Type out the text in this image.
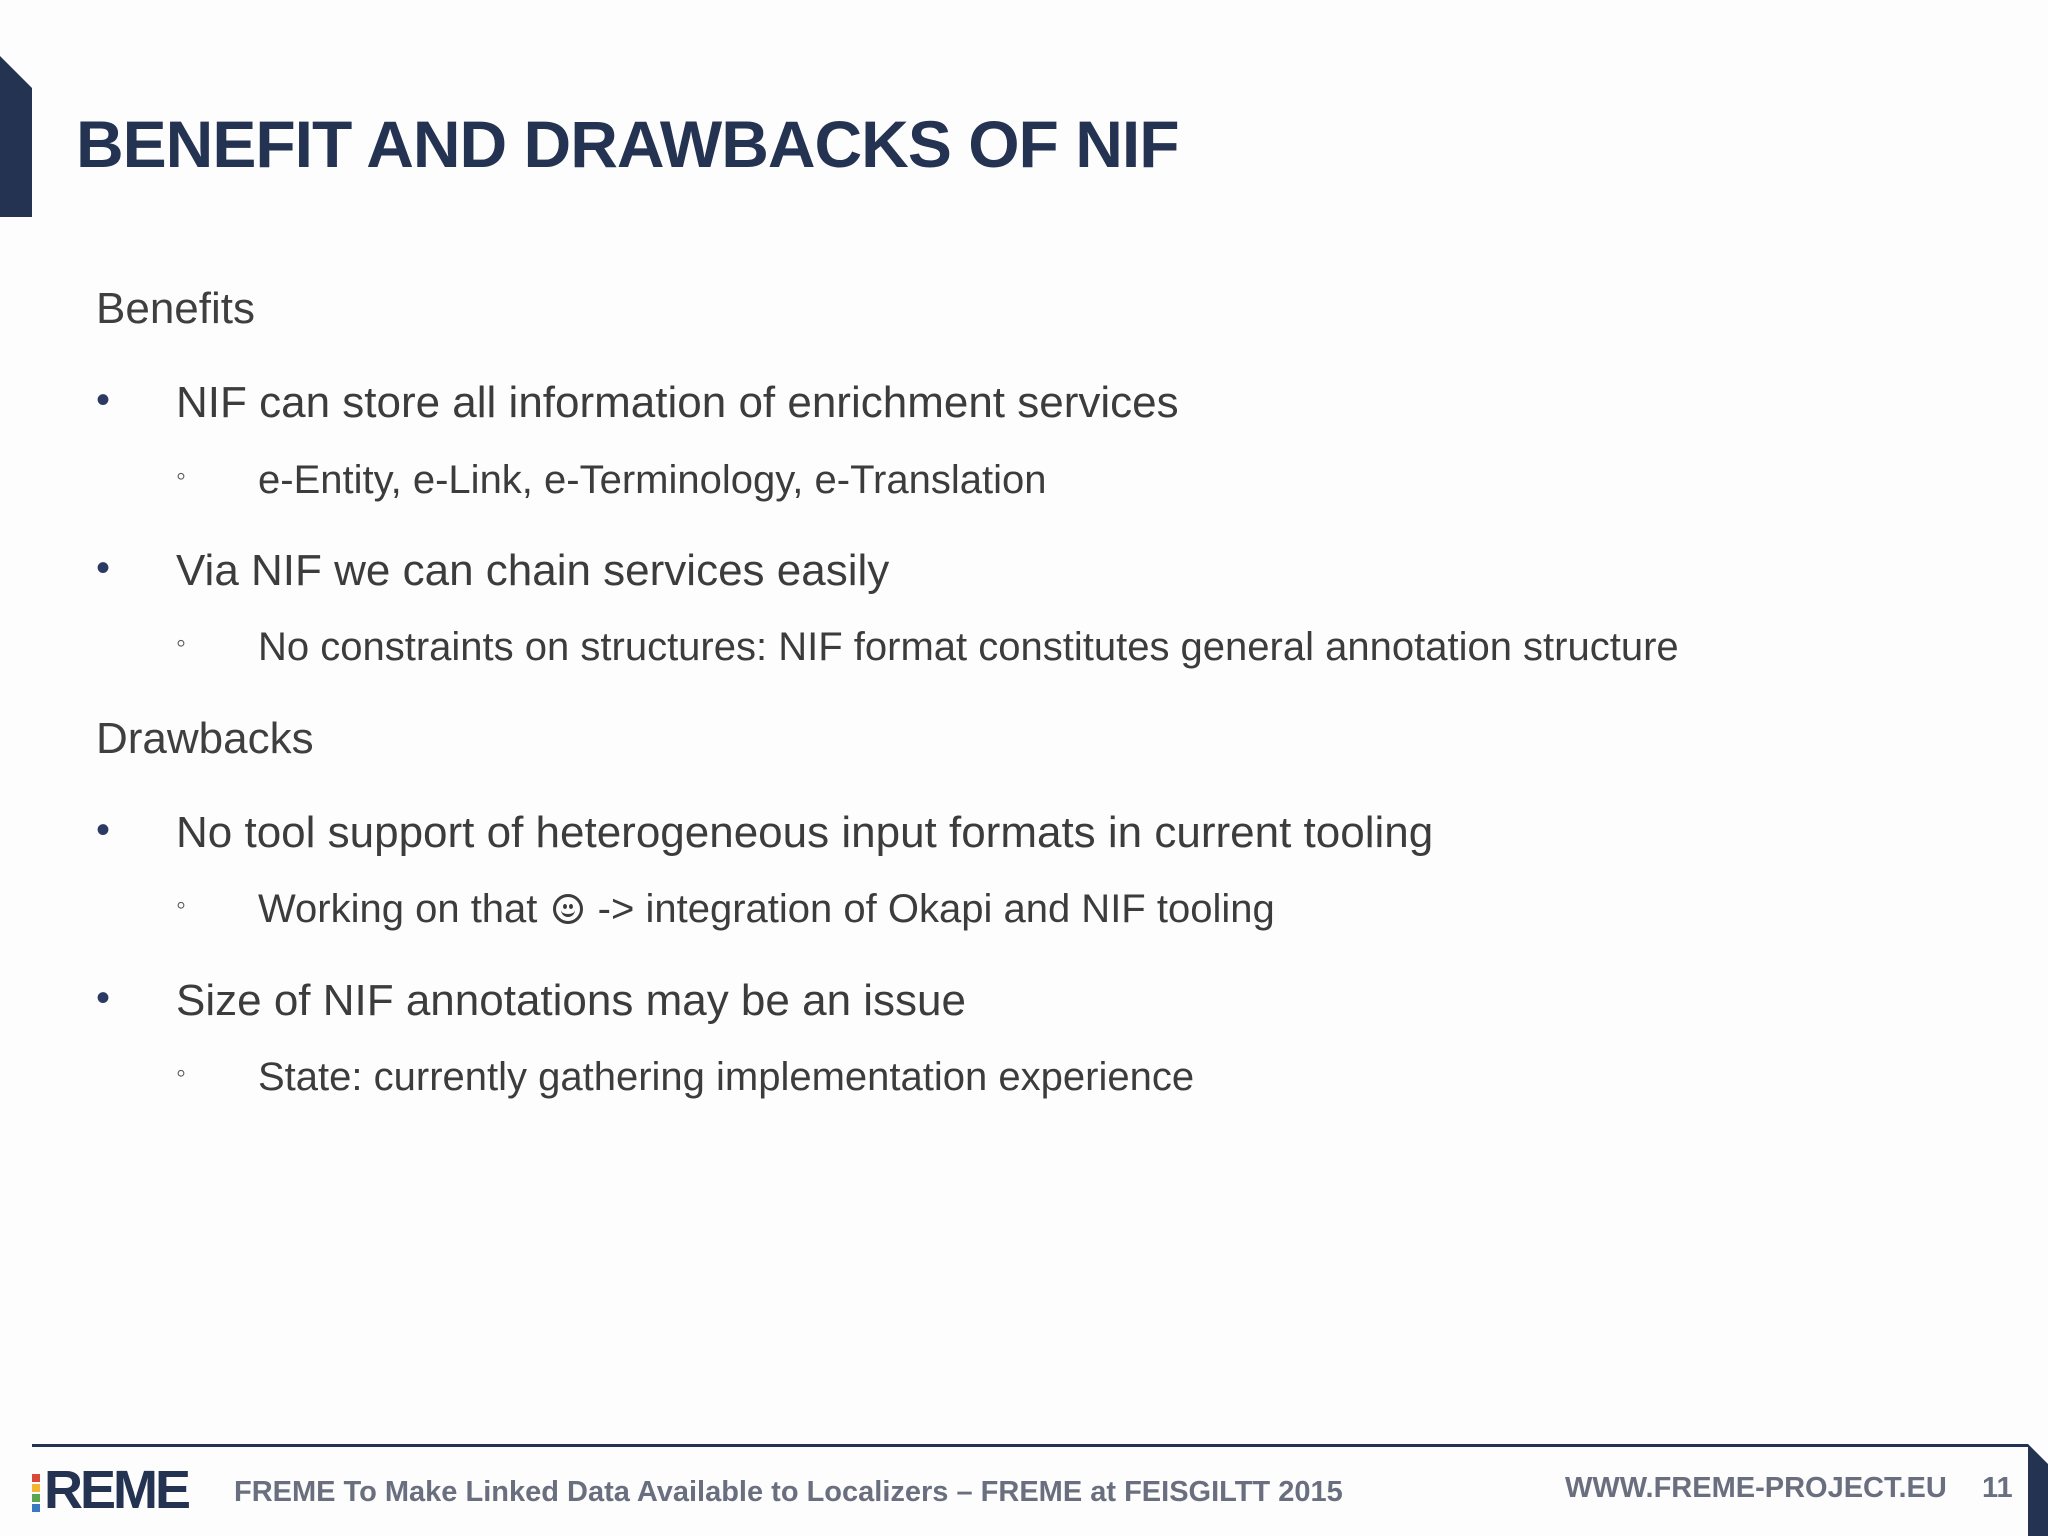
BENEFIT AND DRAWBACKS OF NIF

Benefits

• NIF can store all information of enrichment services
◦ e-Entity, e-Link, e-Terminology, e-Translation
• Via NIF we can chain services easily
◦ No constraints on structures: NIF format constitutes general annotation structure

Drawbacks

• No tool support of heterogeneous input formats in current tooling
◦ Working on that -> integration of Okapi and NIF tooling
• Size of NIF annotations may be an issue
◦ State: currently gathering implementation experience
REME FREME To Make Linked Data Available to Localizers – FREME at FEISGILTT 2015	WWW.FREME-PROJECT.EU 11
